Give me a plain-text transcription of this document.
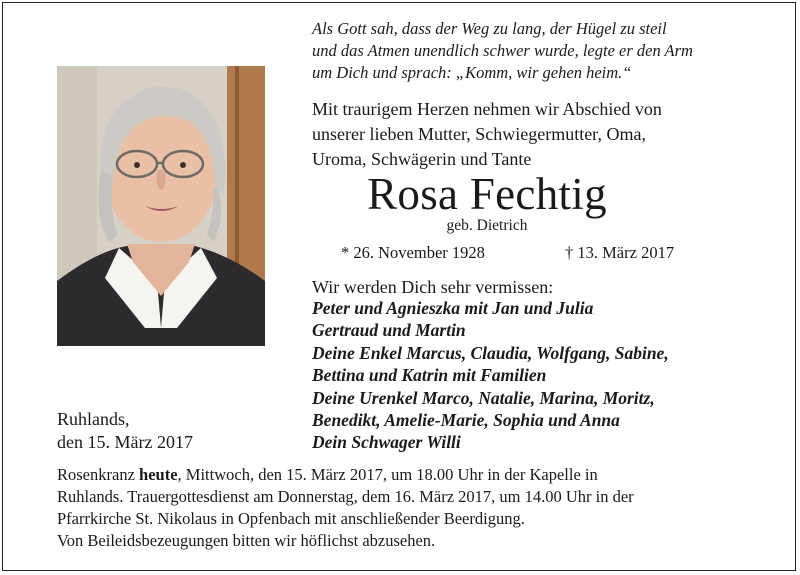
Als Gott sah, dass der Weg zu lang, der Hügel zu steil
und das Atmen unendlich schwer wurde, legte er den Arm
um Dich und sprach: „Komm, wir gehen heim.“
Mit traurigem Herzen nehmen wir Abschied von
unserer lieben Mutter, Schwiegermutter, Oma,
Uroma, Schwägerin und Tante
Rosa Fechtig
geb. Dietrich
* 26. November 1928	† 13. März 2017
Wir werden Dich sehr vermissen:
Peter und Agnieszka mit Jan und Julia
Gertraud und Martin
Deine Enkel Marcus, Claudia, Wolfgang, Sabine,
Bettina und Katrin mit Familien
Deine Urenkel Marco, Natalie, Marina, Moritz,
Benedikt, Amelie-Marie, Sophia und Anna
Dein Schwager Willi
Ruhlands,
den 15. März 2017
Rosenkranz heute, Mittwoch, den 15. März 2017, um 18.00 Uhr in der Kapelle in
Ruhlands. Trauergottesdienst am Donnerstag, dem 16. März 2017, um 14.00 Uhr in der
Pfarrkirche St. Nikolaus in Opfenbach mit anschließender Beerdigung.
Von Beileidsbezeugungen bitten wir höflichst abzusehen.
